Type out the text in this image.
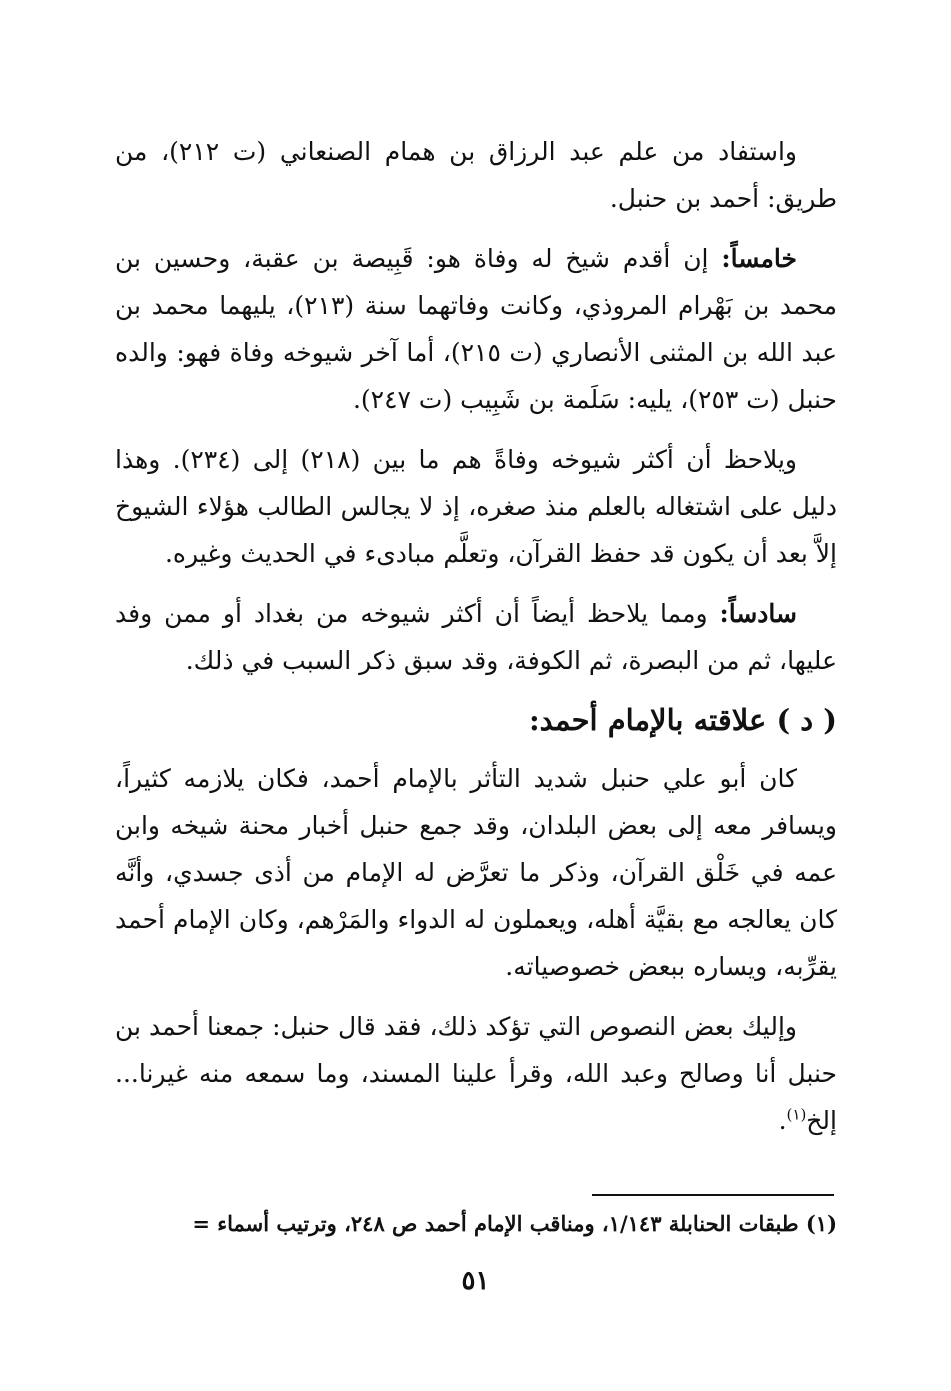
واستفاد من علم عبد الرزاق بن همام الصنعاني (ت ٢١٢)، من طريق: أحمد بن حنبل.

خامساً: إن أقدم شيخ له وفاة هو: قَبِيصة بن عقبة، وحسين بن محمد بن بَهْرام المروذي، وكانت وفاتهما سنة (٢١٣)، يليهما محمد بن عبد الله بن المثنى الأنصاري (ت ٢١٥)، أما آخر شيوخه وفاة فهو: والده حنبل (ت ٢٥٣)، يليه: سَلَمة بن شَبِيب (ت ٢٤٧).

ويلاحظ أن أكثر شيوخه وفاةً هم ما بين (٢١٨) إلى (٢٣٤). وهذا دليل على اشتغاله بالعلم منذ صغره، إذ لا يجالس الطالب هؤلاء الشيوخ إلاَّ بعد أن يكون قد حفظ القرآن، وتعلَّم مبادىء في الحديث وغيره.

سادساً: ومما يلاحظ أيضاً أن أكثر شيوخه من بغداد أو ممن وفد عليها، ثم من البصرة، ثم الكوفة، وقد سبق ذكر السبب في ذلك.

( د ) علاقته بالإمام أحمد:

كان أبو علي حنبل شديد التأثر بالإمام أحمد، فكان يلازمه كثيراً، ويسافر معه إلى بعض البلدان، وقد جمع حنبل أخبار محنة شيخه وابن عمه في خَلْق القرآن، وذكر ما تعرَّض له الإمام من أذى جسدي، وأنَّه كان يعالجه مع بقيَّة أهله، ويعملون له الدواء والمَرْهم، وكان الإمام أحمد يقرِّبه، ويساره ببعض خصوصياته.

وإليك بعض النصوص التي تؤكد ذلك، فقد قال حنبل: جمعنا أحمد بن حنبل أنا وصالح وعبد الله، وقرأ علينا المسند، وما سمعه منه غيرنا... إلخ$^{(١)}$.

(١) طبقات الحنابلة ١/١٤٣، ومناقب الإمام أحمد ص ٢٤٨، وترتيب أسماء =
٥١
